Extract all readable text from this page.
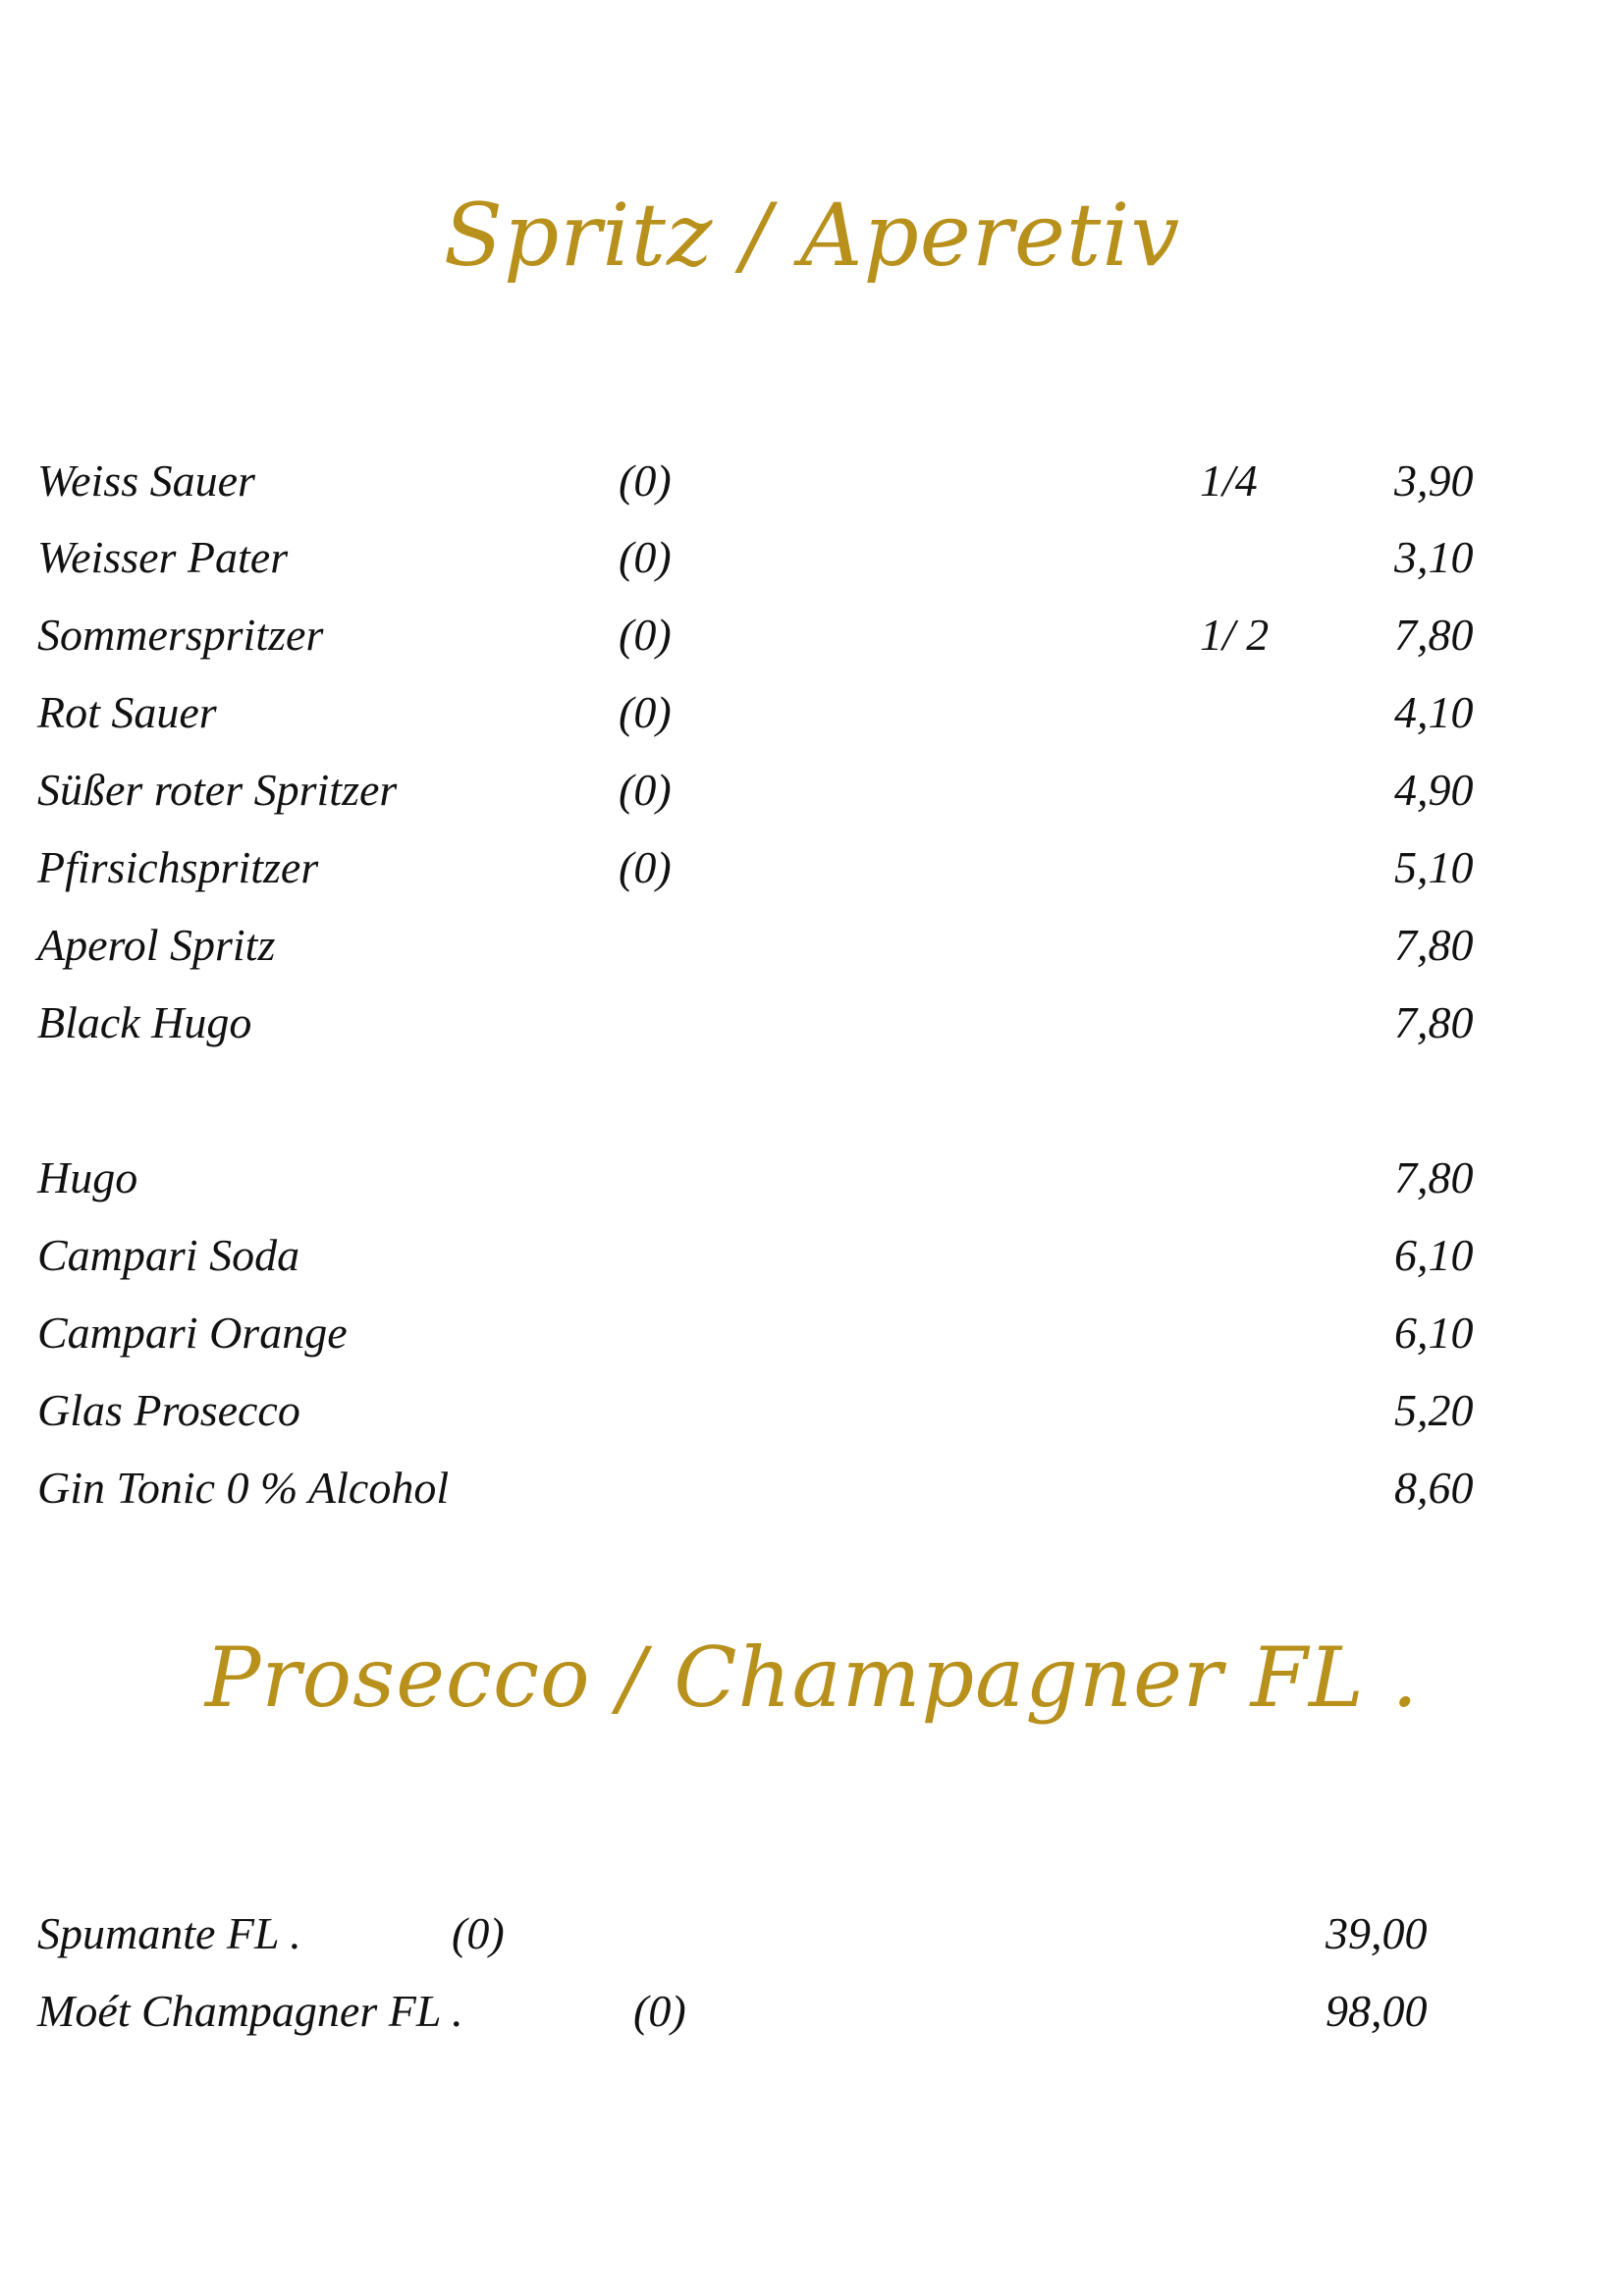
Spritz / Aperetiv
Weiss Sauer	(0)	1/4	3,90
Weisser Pater	(0)	3,10
Sommerspritzer	(0)	1/ 2	7,80
Rot Sauer	(0)	4,10
Süßer roter Spritzer	(0)	4,90
Pfirsichspritzer	(0)	5,10
Aperol Spritz	7,80
Black Hugo	7,80
Hugo	7,80
Campari Soda	6,10
Campari Orange	6,10
Glas Prosecco	5,20
Gin Tonic 0 % Alcohol	8,60
Prosecco / Champagner FL .
Spumante FL .	(0)	39,00
Moét Champagner FL .	(0)	98,00
